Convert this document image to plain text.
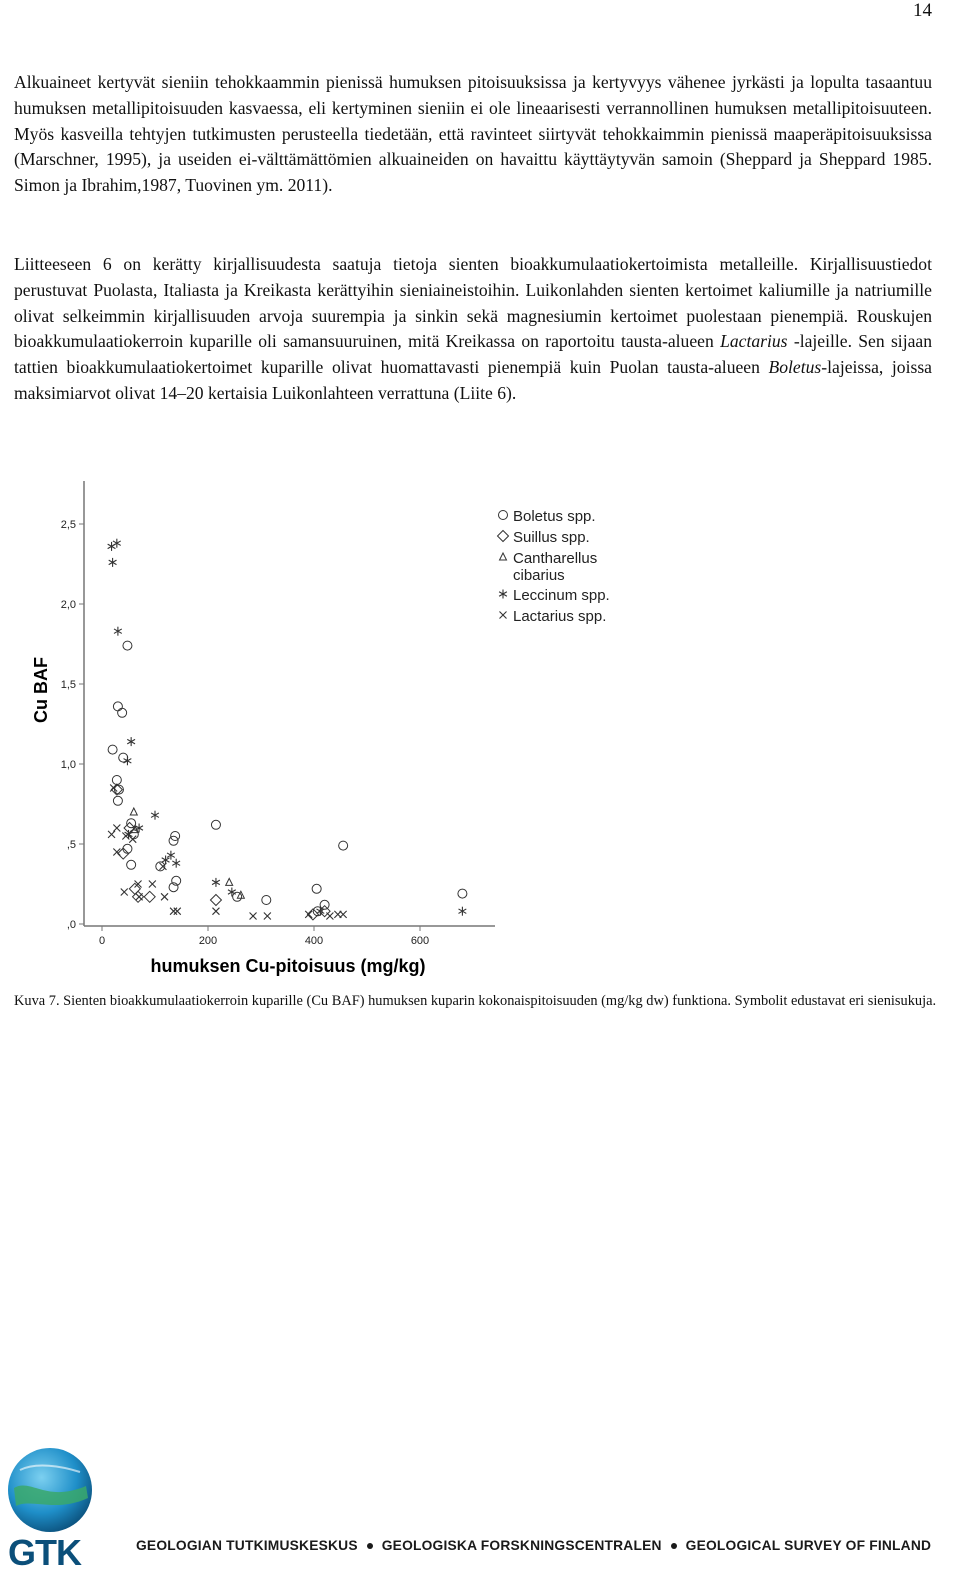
14

Alkuaineet kertyvät sieniin tehokkaammin pienissä humuksen pitoisuuksissa ja kertyvyys vähenee jyrkästi ja lopulta tasaantuu humuksen metallipitoisuuden kasvaessa, eli kertyminen sieniin ei ole lineaarisesti verrannollinen humuksen metallipitoisuuteen. Myös kasveilla tehtyjen tutkimusten perusteella tiedetään, että ravinteet siirtyvät tehokkaimmin pienissä maaperäpitoisuuksissa (Marschner, 1995), ja useiden ei-välttämättömien alkuaineiden on havaittu käyttäytyvän samoin (Sheppard ja Sheppard 1985. Simon ja Ibrahim,1987, Tuovinen ym. 2011).

Liitteeseen 6 on kerätty kirjallisuudesta saatuja tietoja sienten bioakkumulaatiokertoimista metalleille. Kirjallisuustiedot perustuvat Puolasta, Italiasta ja Kreikasta kerättyihin sieniaineistoihin. Luikonlahden sienten kertoimet kaliumille ja natriumille olivat selkeimmin kirjallisuuden arvoja suurempia ja sinkin sekä magnesiumin kertoimet puolestaan pienempiä. Rouskujen bioakkumulaatiokerroin kuparille oli samansuuruinen, mitä Kreikassa on raportoitu tausta-alueen Lactarius -lajeille. Sen sijaan tattien bioakkumulaatiokertoimet kuparille olivat huomattavasti pienempiä kuin Puolan tausta-alueen Boletus-lajeissa, joissa maksimiarvot olivat 14–20 kertaisia Luikonlahteen verrattuna (Liite 6).

,0
,5
1,0
1,5
2,0
2,5
0	200	400	600
Boletus spp.
Suillus spp.
Cantharellus cibarius
Leccinum spp.
Lactarius spp.
Cu BAF
humuksen Cu-pitoisuus (mg/kg)

Kuva 7. Sienten bioakkumulaatiokerroin kuparille (Cu BAF) humuksen kuparin kokonaispitoisuuden (mg/kg dw) funktiona. Symbolit edustavat eri sienisukuja.

GTK	GEOLOGIAN TUTKIMUSKESKUS GEOLOGISKA FORSKNINGSCENTRALEN GEOLOGICAL SURVEY OF FINLAND
